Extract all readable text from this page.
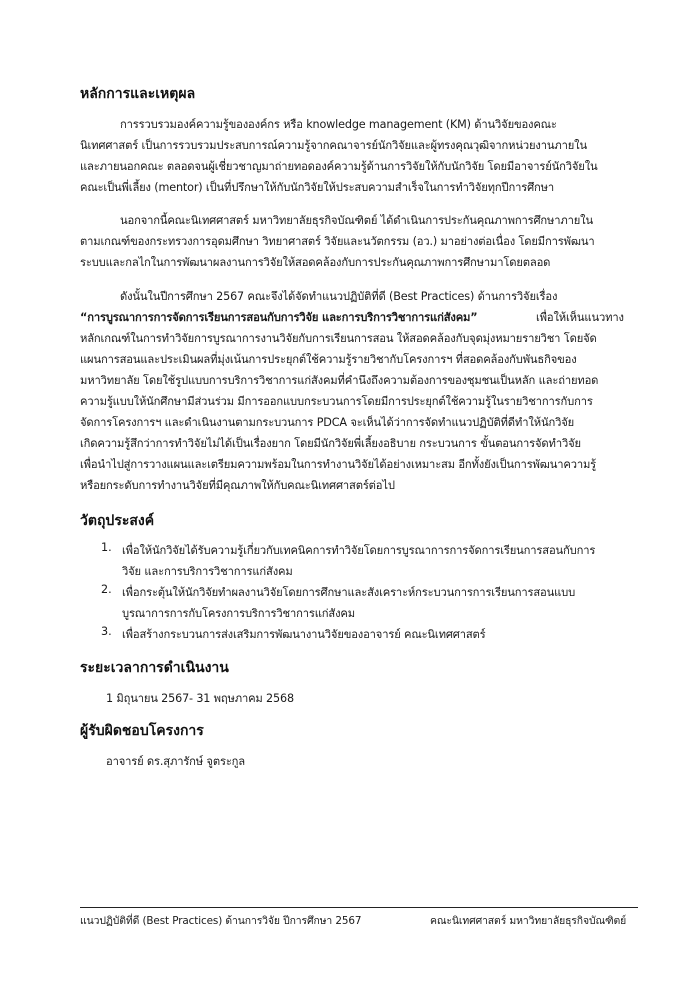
หลักการและเหตุผล
การรวบรวมองค์ความรู้ขององค์กร หรือ knowledge management (KM) ด้านวิจัยของคณะ
นิเทศศาสตร์ เป็นการรวบรวมประสบการณ์ความรู้จากคณาจารย์นักวิจัยและผู้ทรงคุณวุฒิจากหน่วยงานภายใน
และภายนอกคณะ ตลอดจนผู้เชี่ยวชาญมาถ่ายทอดองค์ความรู้ด้านการวิจัยให้กับนักวิจัย โดยมีอาจารย์นักวิจัยใน
คณะเป็นพี่เลี้ยง (mentor) เป็นที่ปรึกษาให้กับนักวิจัยให้ประสบความสำเร็จในการทำวิจัยทุกปีการศึกษา
นอกจากนี้คณะนิเทศศาสตร์ มหาวิทยาลัยธุรกิจบัณฑิตย์ ได้ดำเนินการประกันคุณภาพการศึกษาภายใน
ตามเกณฑ์ของกระทรวงการอุดมศึกษา วิทยาศาสตร์ วิจัยและนวัตกรรม (อว.) มาอย่างต่อเนื่อง โดยมีการพัฒนา
ระบบและกลไกในการพัฒนาผลงานการวิจัยให้สอดคล้องกับการประกันคุณภาพการศึกษามาโดยตลอด
ดังนั้นในปีการศึกษา 2567 คณะจึงได้จัดทำแนวปฏิบัติที่ดี (Best Practices) ด้านการวิจัยเรื่อง
“การบูรณาการการจัดการเรียนการสอนกับการวิจัย และการบริการวิชาการแก่สังคม”	เพื่อให้เห็นแนวทาง
หลักเกณฑ์ในการทำวิจัยการบูรณาการงานวิจัยกับการเรียนการสอน ให้สอดคล้องกับจุดมุ่งหมายรายวิชา โดยจัด
แผนการสอนและประเมินผลที่มุ่งเน้นการประยุกต์ใช้ความรู้รายวิชากับโครงการฯ ที่สอดคล้องกับพันธกิจของ
มหาวิทยาลัย โดยใช้รูปแบบการบริการวิชาการแก่สังคมที่คำนึงถึงความต้องการของชุมชนเป็นหลัก และถ่ายทอด
ความรู้แบบให้นักศึกษามีส่วนร่วม มีการออกแบบกระบวนการโดยมีการประยุกต์ใช้ความรู้ในรายวิชาการกับการ
จัดการโครงการฯ และดำเนินงานตามกระบวนการ PDCA จะเห็นได้ว่าการจัดทำแนวปฏิบัติที่ดีทำให้นักวิจัย
เกิดความรู้สึกว่าการทำวิจัยไม่ได้เป็นเรื่องยาก โดยมีนักวิจัยพี่เลี้ยงอธิบาย กระบวนการ ขั้นตอนการจัดทำวิจัย
เพื่อนำไปสู่การวางแผนและเตรียมความพร้อมในการทำงานวิจัยได้อย่างเหมาะสม อีกทั้งยังเป็นการพัฒนาความรู้
หรือยกระดับการทำงานวิจัยที่มีคุณภาพให้กับคณะนิเทศศาสตร์ต่อไป
วัตถุประสงค์
1. เพื่อให้นักวิจัยได้รับความรู้เกี่ยวกับเทคนิคการทำวิจัยโดยการบูรณาการการจัดการเรียนการสอนกับการ
วิจัย และการบริการวิชาการแก่สังคม
2. เพื่อกระตุ้นให้นักวิจัยทำผลงานวิจัยโดยการศึกษาและสังเคราะห์กระบวนการการเรียนการสอนแบบ
บูรณาการการกับโครงการบริการวิชาการแก่สังคม
3. เพื่อสร้างกระบวนการส่งเสริมการพัฒนางานวิจัยของอาจารย์ คณะนิเทศศาสตร์
ระยะเวลาการดำเนินงาน
1 มิถุนายน 2567- 31 พฤษภาคม 2568
ผู้รับผิดชอบโครงการ
อาจารย์ ดร.สุภารักษ์ จูตระกูล
แนวปฏิบัติที่ดี (Best Practices) ด้านการวิจัย ปีการศึกษา 2567	คณะนิเทศศาสตร์ มหาวิทยาลัยธุรกิจบัณฑิตย์
